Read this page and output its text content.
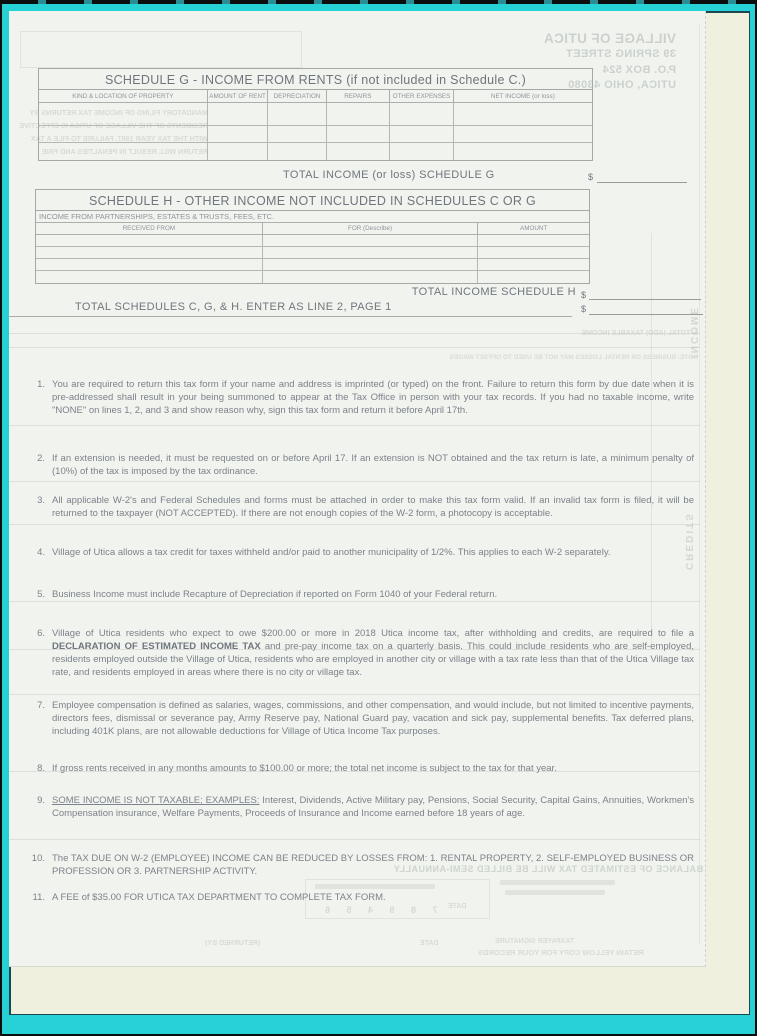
VILLAGE OF UTICA
39 SPRING STREET
P.O. BOX 524
UTICA, OHIO 43080
MANDATORY FILING OF INCOME TAX RETURNS BY
RESIDENTS OF THE VILLAGE OF UTICA IS EFFECTIVE
WITH THE TAX YEAR 1987. FAILURE TO FILE A TAX
RETURN WILL RESULT IN PENALTIES AND FINE
INCOME
CREDITS
5. TOTAL (ADD) TAXABLE INCOME
NOTE: BUSINESS OR RENTAL LOSSES MAY NOT BE USED TO OFFSET WAGES
BALANCE OF ESTIMATED TAX WILL BE BILLED SEMI-ANNUALLY
7 8 9 4 5 6 DATE
(RETURNED BY)	DATE	TAXPAYER SIGNATURE
RETAIN YELLOW COPY FOR YOUR RECORDS
SCHEDULE G - INCOME FROM RENTS (if not included in Schedule C.)
KIND & LOCATION OF PROPERTY	AMOUNT OF RENT	DEPRECIATION	REPAIRS	OTHER EXPENSES	NET INCOME (or loss)
TOTAL INCOME (or loss) SCHEDULE G	$
SCHEDULE H - OTHER INCOME NOT INCLUDED IN SCHEDULES C OR G
INCOME FROM PARTNERSHIPS, ESTATES & TRUSTS, FEES, ETC.
RECEIVED FROM	FOR (Describe)	AMOUNT
TOTAL INCOME SCHEDULE H $
TOTAL SCHEDULES C, G, & H. ENTER AS LINE 2, PAGE 1	$
1. You are required to return this tax form if your name and address is imprinted (or typed) on the front. Failure to return this form by due date when it is pre-addressed shall result in your being summoned to appear at the Tax Office in person with your tax records. If you had no taxable income, write "NONE" on lines 1, 2, and 3 and show reason why, sign this tax form and return it before April 17th.
2. If an extension is needed, it must be requested on or before April 17. If an extension is NOT obtained and the tax return is late, a minimum penalty of (10%) of the tax is imposed by the tax ordinance.
3. All applicable W-2's and Federal Schedules and forms must be attached in order to make this tax form valid. If an invalid tax form is filed, it will be returned to the taxpayer (NOT ACCEPTED). If there are not enough copies of the W-2 form, a photocopy is acceptable.
4. Village of Utica allows a tax credit for taxes withheld and/or paid to another municipality of 1/2%. This applies to each W-2 separately.
5. Business Income must include Recapture of Depreciation if reported on Form 1040 of your Federal return.
6. Village of Utica residents who expect to owe $200.00 or more in 2018 Utica income tax, after withholding and credits, are required to file a DECLARATION OF ESTIMATED INCOME TAX and pre-pay income tax on a quarterly basis. This could include residents who are self-employed, residents employed outside the Village of Utica, residents who are employed in another city or village with a tax rate less than that of the Utica Village tax rate, and residents employed in areas where there is no city or village tax.
7. Employee compensation is defined as salaries, wages, commissions, and other compensation, and would include, but not limited to incentive payments, directors fees, dismissal or severance pay, Army Reserve pay, National Guard pay, vacation and sick pay, supplemental benefits. Tax deferred plans, including 401K plans, are not allowable deductions for Village of Utica Income Tax purposes.
8. If gross rents received in any months amounts to $100.00 or more; the total net income is subject to the tax for that year.
9. SOME INCOME IS NOT TAXABLE; EXAMPLES: Interest, Dividends, Active Military pay, Pensions, Social Security, Capital Gains, Annuities, Workmen's Compensation insurance, Welfare Payments, Proceeds of Insurance and Income earned before 18 years of age.
10. The TAX DUE ON W-2 (EMPLOYEE) INCOME CAN BE REDUCED BY LOSSES FROM: 1. RENTAL PROPERTY, 2. SELF-EMPLOYED BUSINESS OR PROFESSION OR 3. PARTNERSHIP ACTIVITY.
11. A FEE of $35.00 FOR UTICA TAX DEPARTMENT TO COMPLETE TAX FORM.
